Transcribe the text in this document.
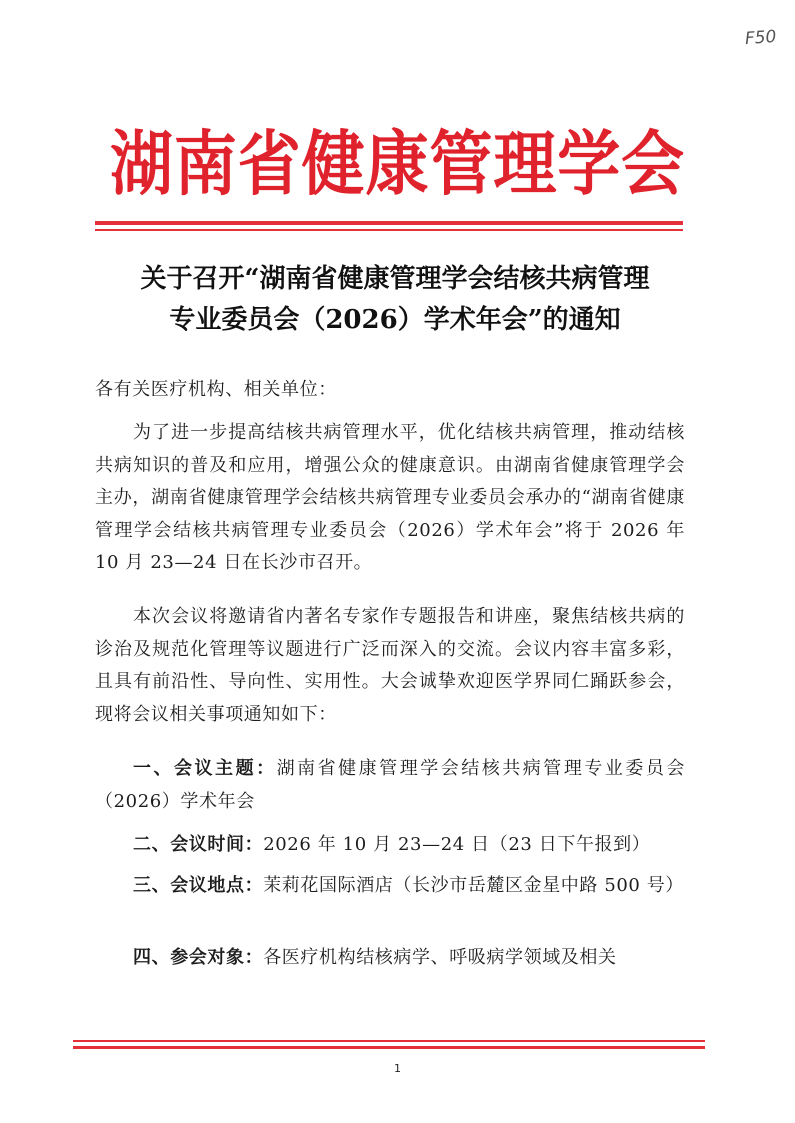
F50
湖南省健康管理学会
关于召开“湖南省健康管理学会结核共病管理
专业委员会（2026）学术年会”的通知
各有关医疗机构、相关单位：
为了进一步提高结核共病管理水平，优化结核共病管理，推动结核共病知识的普及和应用，增强公众的健康意识。由湖南省健康管理学会主办，湖南省健康管理学会结核共病管理专业委员会承办的“湖南省健康管理学会结核共病管理专业委员会（2026）学术年会”将于 2026 年 10 月 23—24 日在长沙市召开。
本次会议将邀请省内著名专家作专题报告和讲座，聚焦结核共病的诊治及规范化管理等议题进行广泛而深入的交流。会议内容丰富多彩，且具有前沿性、导向性、实用性。大会诚挚欢迎医学界同仁踊跃参会，现将会议相关事项通知如下：
一、会议主题：湖南省健康管理学会结核共病管理专业委员会（2026）学术年会
二、会议时间：2026 年 10 月 23—24 日（23 日下午报到）
三、会议地点：茉莉花国际酒店（长沙市岳麓区金星中路 500 号）
四、参会对象：各医疗机构结核病学、呼吸病学领域及相关
1
